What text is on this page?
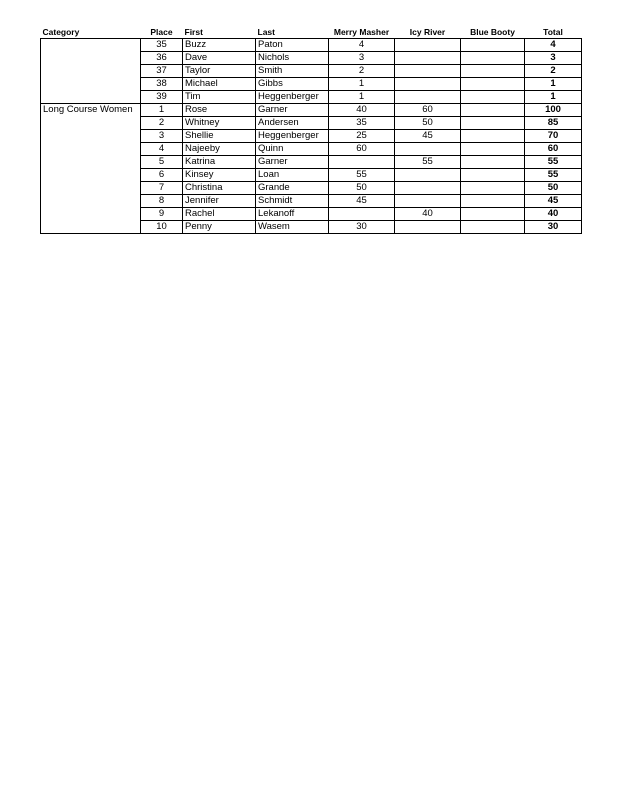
Category	Place	First	Last	Merry Masher	Icy River	Blue Booty	Total
	35	Buzz	Paton	4			4
	36	Dave	Nichols	3			3
	37	Taylor	Smith	2			2
	38	Michael	Gibbs	1			1
	39	Tim	Heggenberger	1			1
Long Course Women	1	Rose	Garner	40	60		100
	2	Whitney	Andersen	35	50		85
	3	Shellie	Heggenberger	25	45		70
	4	Najeeby	Quinn	60			60
	5	Katrina	Garner		55		55
	6	Kinsey	Loan	55			55
	7	Christina	Grande	50			50
	8	Jennifer	Schmidt	45			45
	9	Rachel	Lekanoff		40		40
	10	Penny	Wasem	30			30
